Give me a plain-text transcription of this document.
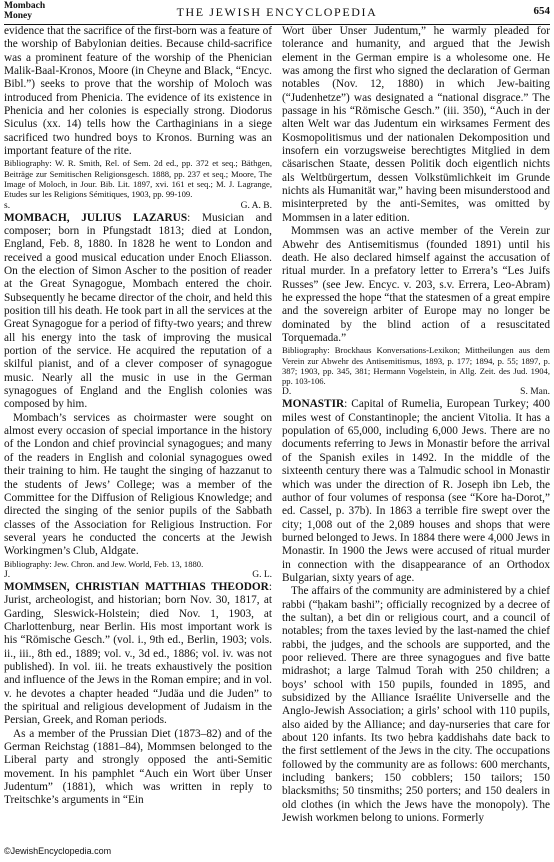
Mombach
Money	THE JEWISH ENCYCLOPEDIA	654

evidence that the sacrifice of the first-born was a feature of the worship of Babylonian deities. Because child-sacrifice was a prominent feature of the worship of the Phenician Malik-Baal-Kronos, Moore (in Cheyne and Black, “Encyc. Bibl.”) seeks to prove that the worship of Moloch was introduced from Phenicia. The evidence of its existence in Phenicia and her colonies is especially strong. Diodorus Siculus (xx. 14) tells how the Carthaginians in a siege sacrificed two hundred boys to Kronos. Burning was an important feature of the rite.

Bibliography: W. R. Smith, Rel. of Sem. 2d ed., pp. 372 et seq.; Bäthgen, Beiträge zur Semitischen Religionsgesch. 1888, pp. 237 et seq.; Moore, The Image of Moloch, in Jour. Bib. Lit. 1897, xvi. 161 et seq.; M. J. Lagrange, Etudes sur les Religions Sémitiques, 1903, pp. 99-109.

s.	G. A. B.

MOMBACH, JULIUS LAZARUS: Musician and composer; born in Pfungstadt 1813; died at London, England, Feb. 8, 1880. In 1828 he went to London and received a good musical education under Enoch Eliasson. On the election of Simon Ascher to the position of reader at the Great Synagogue, Mombach entered the choir. Subsequently he became director of the choir, and held this position till his death. He took part in all the services at the Great Synagogue for a period of fifty-two years; and threw all his energy into the task of improving the musical portion of the service. He acquired the reputation of a skilful pianist, and of a clever composer of synagogue music. Nearly all the music in use in the German synagogues of England and the English colonies was composed by him.

Mombach’s services as choirmaster were sought on almost every occasion of special importance in the history of the London and chief provincial synagogues; and many of the readers in English and colonial synagogues owed their training to him. He taught the singing of hazzanut to the students of Jews’ College; was a member of the Committee for the Diffusion of Religious Knowledge; and directed the singing of the senior pupils of the Sabbath classes of the Association for Religious Instruction. For several years he conducted the concerts at the Jewish Workingmen’s Club, Aldgate.

Bibliography: Jew. Chron. and Jew. World, Feb. 13, 1880.

J.	G. L.

MOMMSEN, CHRISTIAN MATTHIAS THEODOR: Jurist, archeologist, and historian; born Nov. 30, 1817, at Garding, Sleswick-Holstein; died Nov. 1, 1903, at Charlottenburg, near Berlin. His most important work is his “Römische Gesch.” (vol. i., 9th ed., Berlin, 1903; vols. ii., iii., 8th ed., 1889; vol. v., 3d ed., 1886; vol. iv. was not published). In vol. iii. he treats exhaustively the position and influence of the Jews in the Roman empire; and in vol. v. he devotes a chapter headed “Judäa und die Juden” to the spiritual and religious development of Judaism in the Persian, Greek, and Roman periods.

As a member of the Prussian Diet (1873–82) and of the German Reichstag (1881–84), Mommsen belonged to the Liberal party and strongly opposed the anti-Semitic movement. In his pamphlet “Auch ein Wort über Unser Judentum” (1881), which was written in reply to Treitschke’s arguments in “Ein

Wort über Unser Judentum,” he warmly pleaded for tolerance and humanity, and argued that the Jewish element in the German empire is a wholesome one. He was among the first who signed the declaration of German notables (Nov. 12, 1880) in which Jew-baiting (“Judenhetze”) was designated a “national disgrace.” The passage in his “Römische Gesch.” (iii. 350), “Auch in der alten Welt war das Judentum ein wirksames Ferment des Kosmopolitismus und der nationalen Dekomposition und insofern ein vorzugsweise berechtigtes Mitglied in dem cäsarischen Staate, dessen Politik doch eigentlich nichts als Weltbürgertum, dessen Volkstümlichkeit im Grunde nichts als Humanität war,” having been misunderstood and misinterpreted by the anti-Semites, was omitted by Mommsen in a later edition.

Mommsen was an active member of the Verein zur Abwehr des Antisemitismus (founded 1891) until his death. He also declared himself against the accusation of ritual murder. In a prefatory letter to Errera’s “Les Juifs Russes” (see Jew. Encyc. v. 203, s.v. Errera, Leo-Abram) he expressed the hope “that the statesmen of a great empire and the sovereign arbiter of Europe may no longer be dominated by the blind action of a resuscitated Torquemada.”

Bibliography: Brockhaus Konversations-Lexikon; Mittheilungen aus dem Verein zur Abwehr des Antisemitismus, 1893, p. 177; 1894, p. 55; 1897, p. 387; 1903, pp. 345, 381; Hermann Vogelstein, in Allg. Zeit. des Jud. 1904, pp. 103-106.

D.	S. Man.

MONASTIR: Capital of Rumelia, European Turkey; 400 miles west of Constantinople; the ancient Vitolia. It has a population of 65,000, including 6,000 Jews. There are no documents referring to Jews in Monastir before the arrival of the Spanish exiles in 1492. In the middle of the sixteenth century there was a Talmudic school in Monastir which was under the direction of R. Joseph ibn Leb, the author of four volumes of responsa (see “Kore ha-Dorot,” ed. Cassel, p. 37b). In 1863 a terrible fire swept over the city; 1,008 out of the 2,089 houses and shops that were burned belonged to Jews. In 1884 there were 4,000 Jews in Monastir. In 1900 the Jews were accused of ritual murder in connection with the disappearance of an Orthodox Bulgarian, sixty years of age.

The affairs of the community are administered by a chief rabbi (“ḥakam bashi”; officially recognized by a decree of the sultan), a bet din or religious court, and a council of notables; from the taxes levied by the last-named the chief rabbi, the judges, and the schools are supported, and the poor relieved. There are three synagogues and five batte midrashot; a large Talmud Torah with 250 children; a boys’ school with 150 pupils, founded in 1895, and subsidized by the Alliance Israélite Universelle and the Anglo-Jewish Association; a girls’ school with 110 pupils, also aided by the Alliance; and day-nurseries that care for about 120 infants. Its two ḥebra ḳaddishahs date back to the first settlement of the Jews in the city. The occupations followed by the community are as follows: 600 merchants, including bankers; 150 cobblers; 150 tailors; 150 blacksmiths; 50 tinsmiths; 250 porters; and 150 dealers in old clothes (in which the Jews have the monopoly). The Jewish workmen belong to unions. Formerly

©JewishEncyclopedia.com
